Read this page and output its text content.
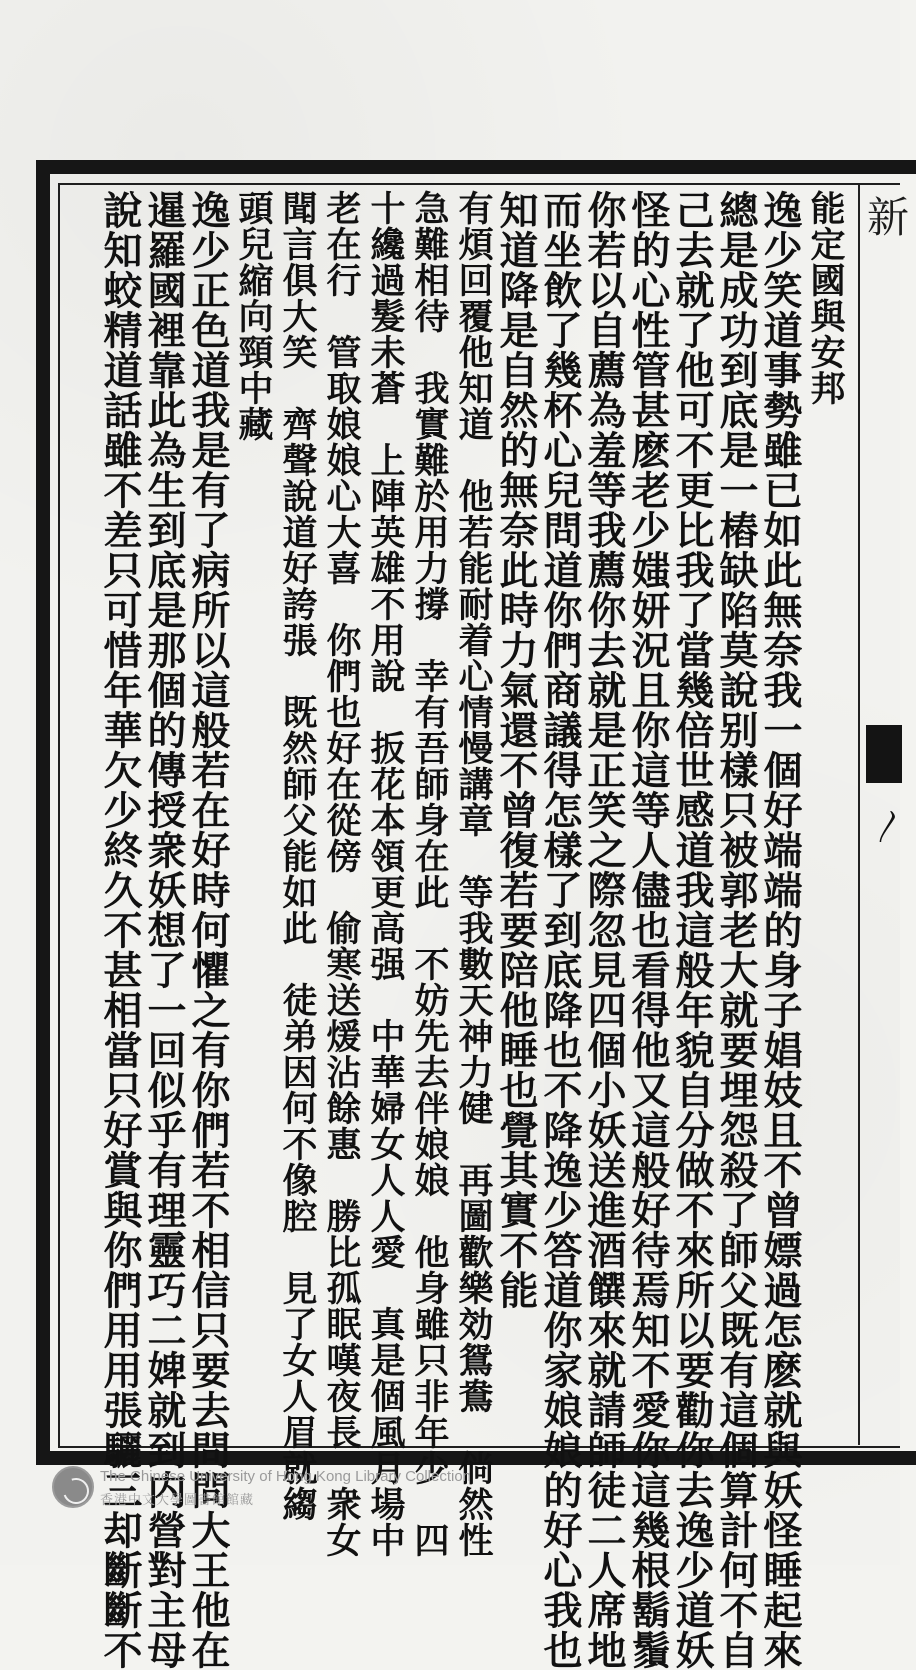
新
〳
能定國與安邦
逸少笑道事勢雖已如此無奈我一個好端端的身子娼妓且不曾嫖過怎麽就與妖怪睡起來
總是成功到底是一樁缺陷莫說别樣只被郭老大就要埋怨殺了師父既有這個算計何不自
己去就了他可不更比我了當幾倍世感道我這般年貌自分做不來所以要勸你去逸少道妖
怪的心性管甚麽老少媸妍況且你這等人儘也看得他又這般好待焉知不愛你這幾根鬍鬚
你若以自薦為羞等我薦你去就是正笑之際忽見四個小妖送進酒饌來就請師徒二人席地
而坐飲了幾杯心兒問道你們商議得怎樣了到底降也不降逸少答道你家娘娘的好心我也
知道降是自然的無奈此時力氣還不曾復若要陪他睡也覺其實不能
有煩回覆他知道　他若能耐着心情慢講章　等我數天神力健　再圖歡樂効鴛鴦　倘然性
急難相待　我實難於用力撐　幸有吾師身在此　不妨先去伴娘娘　他身雖只非年少　四
十纔過髮未蒼　上陣英雄不用說　扳花本領更高强　中華婦女人人愛　真是個風月場中
老在行　管取娘娘心大喜　你們也好在從傍　偷寒送煖沾餘惠　勝比孤眠嘆夜長　衆女
聞言俱大笑　齊聲說道好誇張　既然師父能如此　徒弟因何不像腔　見了女人眉就縐
頭兒縮向頸中藏
逸少正色道我是有了病所以這般若在好時何懼之有你們若不相信只要去問問大王他在
暹羅國裡靠此為生到底是那個的傳授衆妖想了一回似乎有理靈巧二婢就到内營對主母
說知蛟精道話雖不差只可惜年華欠少終久不甚相當只好賞與你們用用張驪三却斷斷不
The Chinese University of Hong Kong Library Collection
香港中文大學圖書館館藏
